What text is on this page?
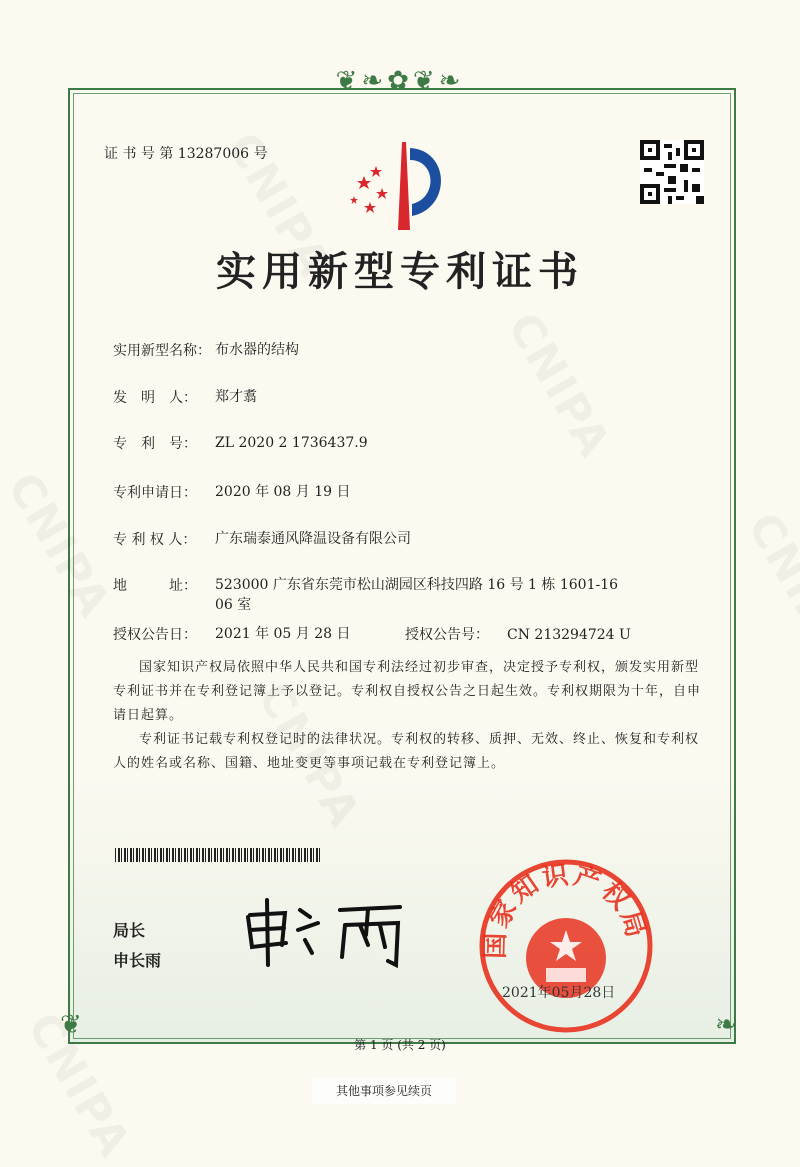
❦❧✿❦❧
❦	❧
证 书 号 第 13287006 号
实用新型专利证书
实用新型名称： 布水器的结构
发　明　人： 郑才翥
专　利　号： ZL 2020 2 1736437.9
专利申请日： 2020 年 08 月 19 日
专 利 权 人： 广东瑞泰通风降温设备有限公司
地　　　址： 523000 广东省东莞市松山湖园区科技四路 16 号 1 栋 1601-1606 室
授权公告日： 2021 年 05 月 28 日	授权公告号： CN 213294724 U
国家知识产权局依照中华人民共和国专利法经过初步审查，决定授予专利权，颁发实用新型专利证书并在专利登记簿上予以登记。专利权自授权公告之日起生效。专利权期限为十年，自申请日起算。
专利证书记载专利权登记时的法律状况。专利权的转移、质押、无效、终止、恢复和专利权人的姓名或名称、国籍、地址变更等事项记载在专利登记簿上。
局长
申长雨
国家知识产权局
2021年05月28日
第 1 页 (共 2 页)
其他事项参见续页
